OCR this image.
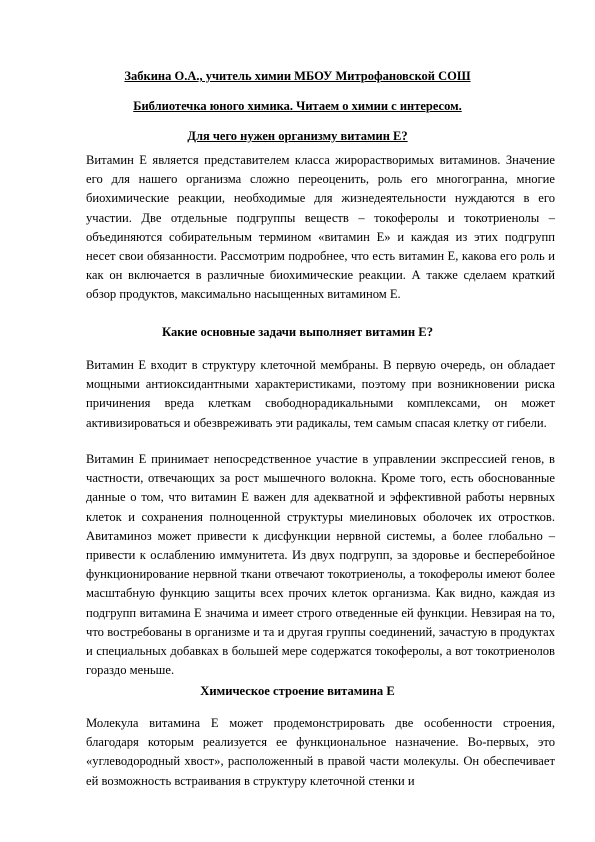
Забкина О.А., учитель химии МБОУ Митрофановской СОШ
Библиотечка юного химика. Читаем о химии с интересом.
Для чего нужен организму витамин Е?

Витамин Е является представителем класса жирорастворимых витаминов. Значение его для нашего организма сложно переоценить, роль его многогранна, многие биохимические реакции, необходимые для жизнедеятельности нуждаются в его участии. Две отдельные подгруппы веществ – токоферолы и токотриенолы – объединяются собирательным термином «витамин Е» и каждая из этих подгрупп несет свои обязанности. Рассмотрим подробнее, что есть витамин Е, какова его роль и как он включается в различные биохимические реакции. А также сделаем краткий обзор продуктов, максимально насыщенных витамином Е.

Какие основные задачи выполняет витамин Е?

Витамин Е входит в структуру клеточной мембраны. В первую очередь, он обладает мощными антиоксидантными характеристиками, поэтому при возникновении риска причинения вреда клеткам свободнорадикальными комплексами, он может активизироваться и обезвреживать эти радикалы, тем самым спасая клетку от гибели.

Витамин Е принимает непосредственное участие в управлении экспрессией генов, в частности, отвечающих за рост мышечного волокна. Кроме того, есть обоснованные данные о том, что витамин Е важен для адекватной и эффективной работы нервных клеток и сохранения полноценной структуры миелиновых оболочек их отростков. Авитаминоз может привести к дисфункции нервной системы, а более глобально – привести к ослаблению иммунитета. Из двух подгрупп, за здоровье и бесперебойное функционирование нервной ткани отвечают токотриенолы, а токоферолы имеют более масштабную функцию защиты всех прочих клеток организма. Как видно, каждая из подгрупп витамина Е значима и имеет строго отведенные ей функции. Невзирая на то, что востребованы в организме и та и другая группы соединений, зачастую в продуктах и специальных добавках в большей мере содержатся токоферолы, а вот токотриенолов гораздо меньше.

Химическое строение витамина Е

Молекула витамина Е может продемонстрировать две особенности строения, благодаря которым реализуется ее функциональное назначение. Во-первых, это «углеводородный хвост», расположенный в правой части молекулы. Он обеспечивает ей возможность встраивания в структуру клеточной стенки и
